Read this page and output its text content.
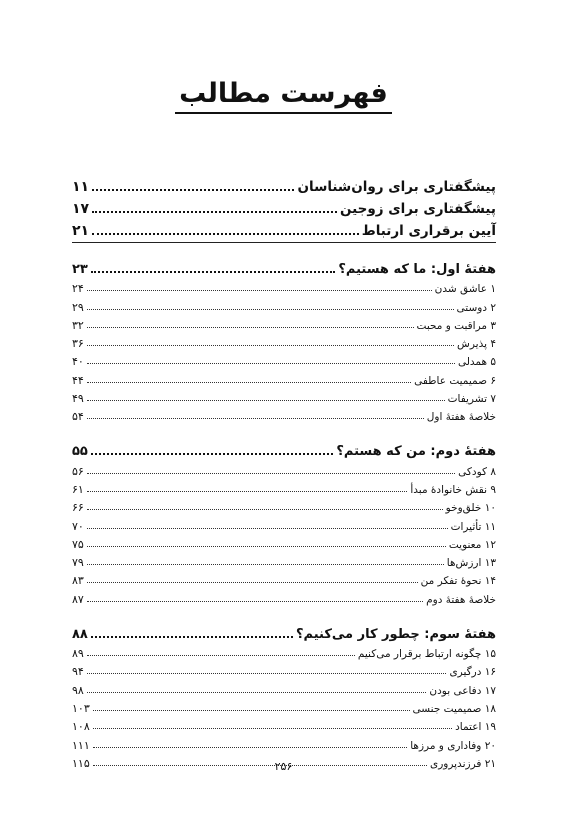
فهرست مطالب
پیشگفتاری برای روان‌شناسان
۱۱
پیشگفتاری برای زوجین
۱۷
آیین برقراری ارتباط
۲۱
هفتهٔ اول: ما که هستیم؟
۲۳
۱ عاشق شدن
۲۴
۲ دوستی
۲۹
۳ مراقبت و محبت
۳۲
۴ پذیرش
۳۶
۵ همدلی
۴۰
۶ صمیمیت عاطفی
۴۴
۷ تشریفات
۴۹
خلاصهٔ هفتهٔ اول
۵۴
هفتهٔ دوم: من که هستم؟
۵۵
۸ کودکی
۵۶
۹ نقش خانوادهٔ مبدأ
۶۱
۱۰ خلق‌وخو
۶۶
۱۱ تأثیرات
۷۰
۱۲ معنویت
۷۵
۱۳ ارزش‌ها
۷۹
۱۴ نحوهٔ تفکر من
۸۳
خلاصهٔ هفتهٔ دوم
۸۷
هفتهٔ سوم: چطور کار می‌کنیم؟
۸۸
۱۵ چگونه ارتباط برقرار می‌کنیم
۸۹
۱۶ درگیری
۹۴
۱۷ دفاعی بودن
۹۸
۱۸ صمیمیت جنسی
۱۰۳
۱۹ اعتماد
۱۰۸
۲۰ وفاداری و مرزها
۱۱۱
۲۱ فرزندپروری
۱۱۵	۲۵۶
